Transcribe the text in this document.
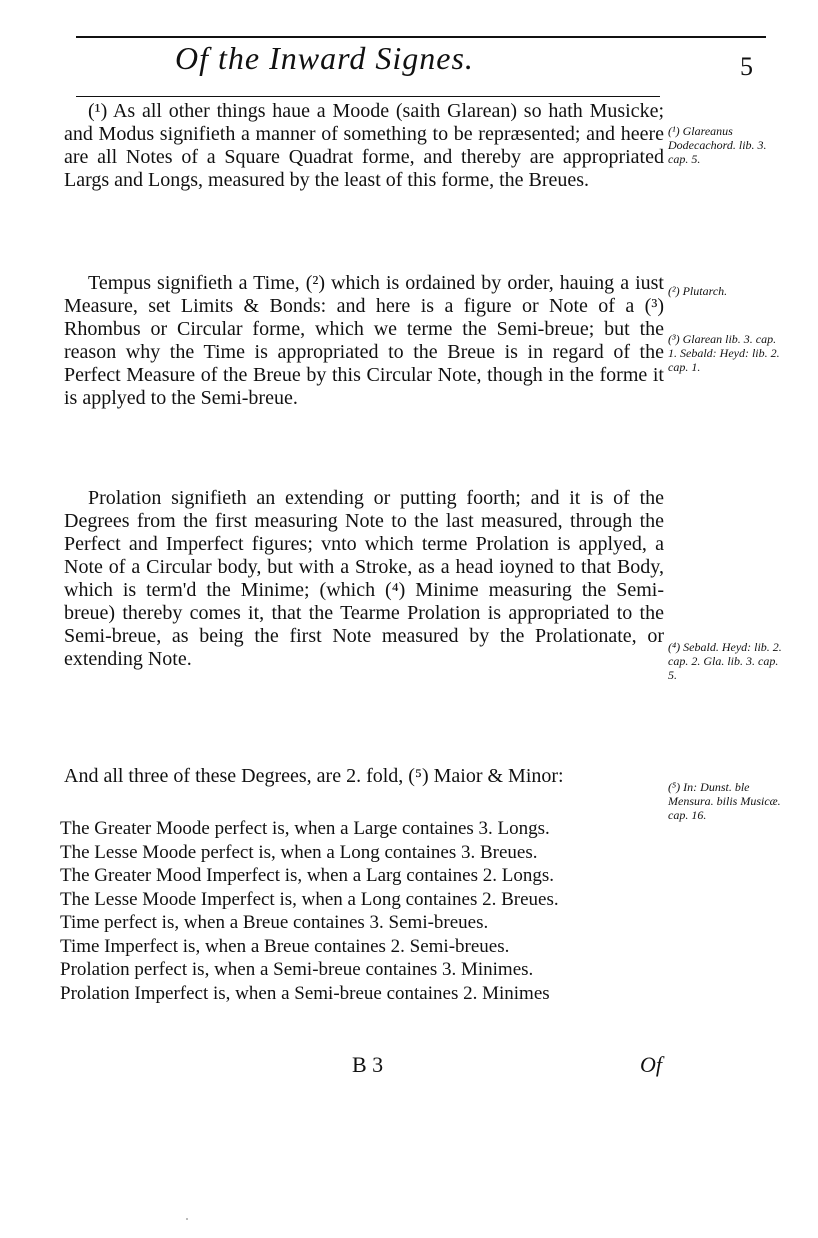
Of the Inward Signes.	5

(¹) As all other things haue a Moode (saith Glarean) so hath Musicke; and Modus signifieth a manner of something to be repræsented; and heere are all Notes of a Square Quadrat forme, and thereby are appropriated Largs and Longs, measured by the least of this forme, the Breues.

Tempus signifieth a Time, (²) which is ordained by order, hauing a iust Measure, set Limits & Bonds: and here is a figure or Note of a (³) Rhombus or Circular forme, which we terme the Semi-breue; but the reason why the Time is appropriated to the Breue is in regard of the Perfect Measure of the Breue by this Circular Note, though in the forme it is applyed to the Semi-breue.

Prolation signifieth an extending or putting foorth; and it is of the Degrees from the first measuring Note to the last measured, through the Perfect and Imperfect figures; vnto which terme Prolation is applyed, a Note of a Circular body, but with a Stroke, as a head ioyned to that Body, which is term'd the Minime; (which (⁴) Minime measuring the Semi-breue) thereby comes it, that the Tearme Prolation is appropriated to the Semi-breue, as being the first Note measured by the Prolationate, or extending Note.

And all three of these Degrees, are 2. fold, (⁵) Maior & Minor:

The Greater Moode perfect is, when a Large containes 3. Longs.
The Lesse Moode perfect is, when a Long containes 3. Breues.
The Greater Mood Imperfect is, when a Larg containes 2. Longs.
The Lesse Moode Imperfect is, when a Long containes 2. Breues.
Time perfect is, when a Breue containes 3. Semi-breues.
Time Imperfect is, when a Breue containes 2. Semi-breues.
Prolation perfect is, when a Semi-breue containes 3. Minimes.
Prolation Imperfect is, when a Semi-breue containes 2. Minimes
(¹) Glareanus Dodecachord. lib. 3. cap. 5.
(²) Plutarch.
(³) Glarean lib. 3. cap. 1. Sebald: Heyd: lib. 2. cap. 1.
(⁴) Sebald. Heyd: lib. 2. cap. 2. Gla. lib. 3. cap. 5.
(⁵) In: Dunst. ble Mensura. bilis Musicæ. cap. 16.
B 3	Of
